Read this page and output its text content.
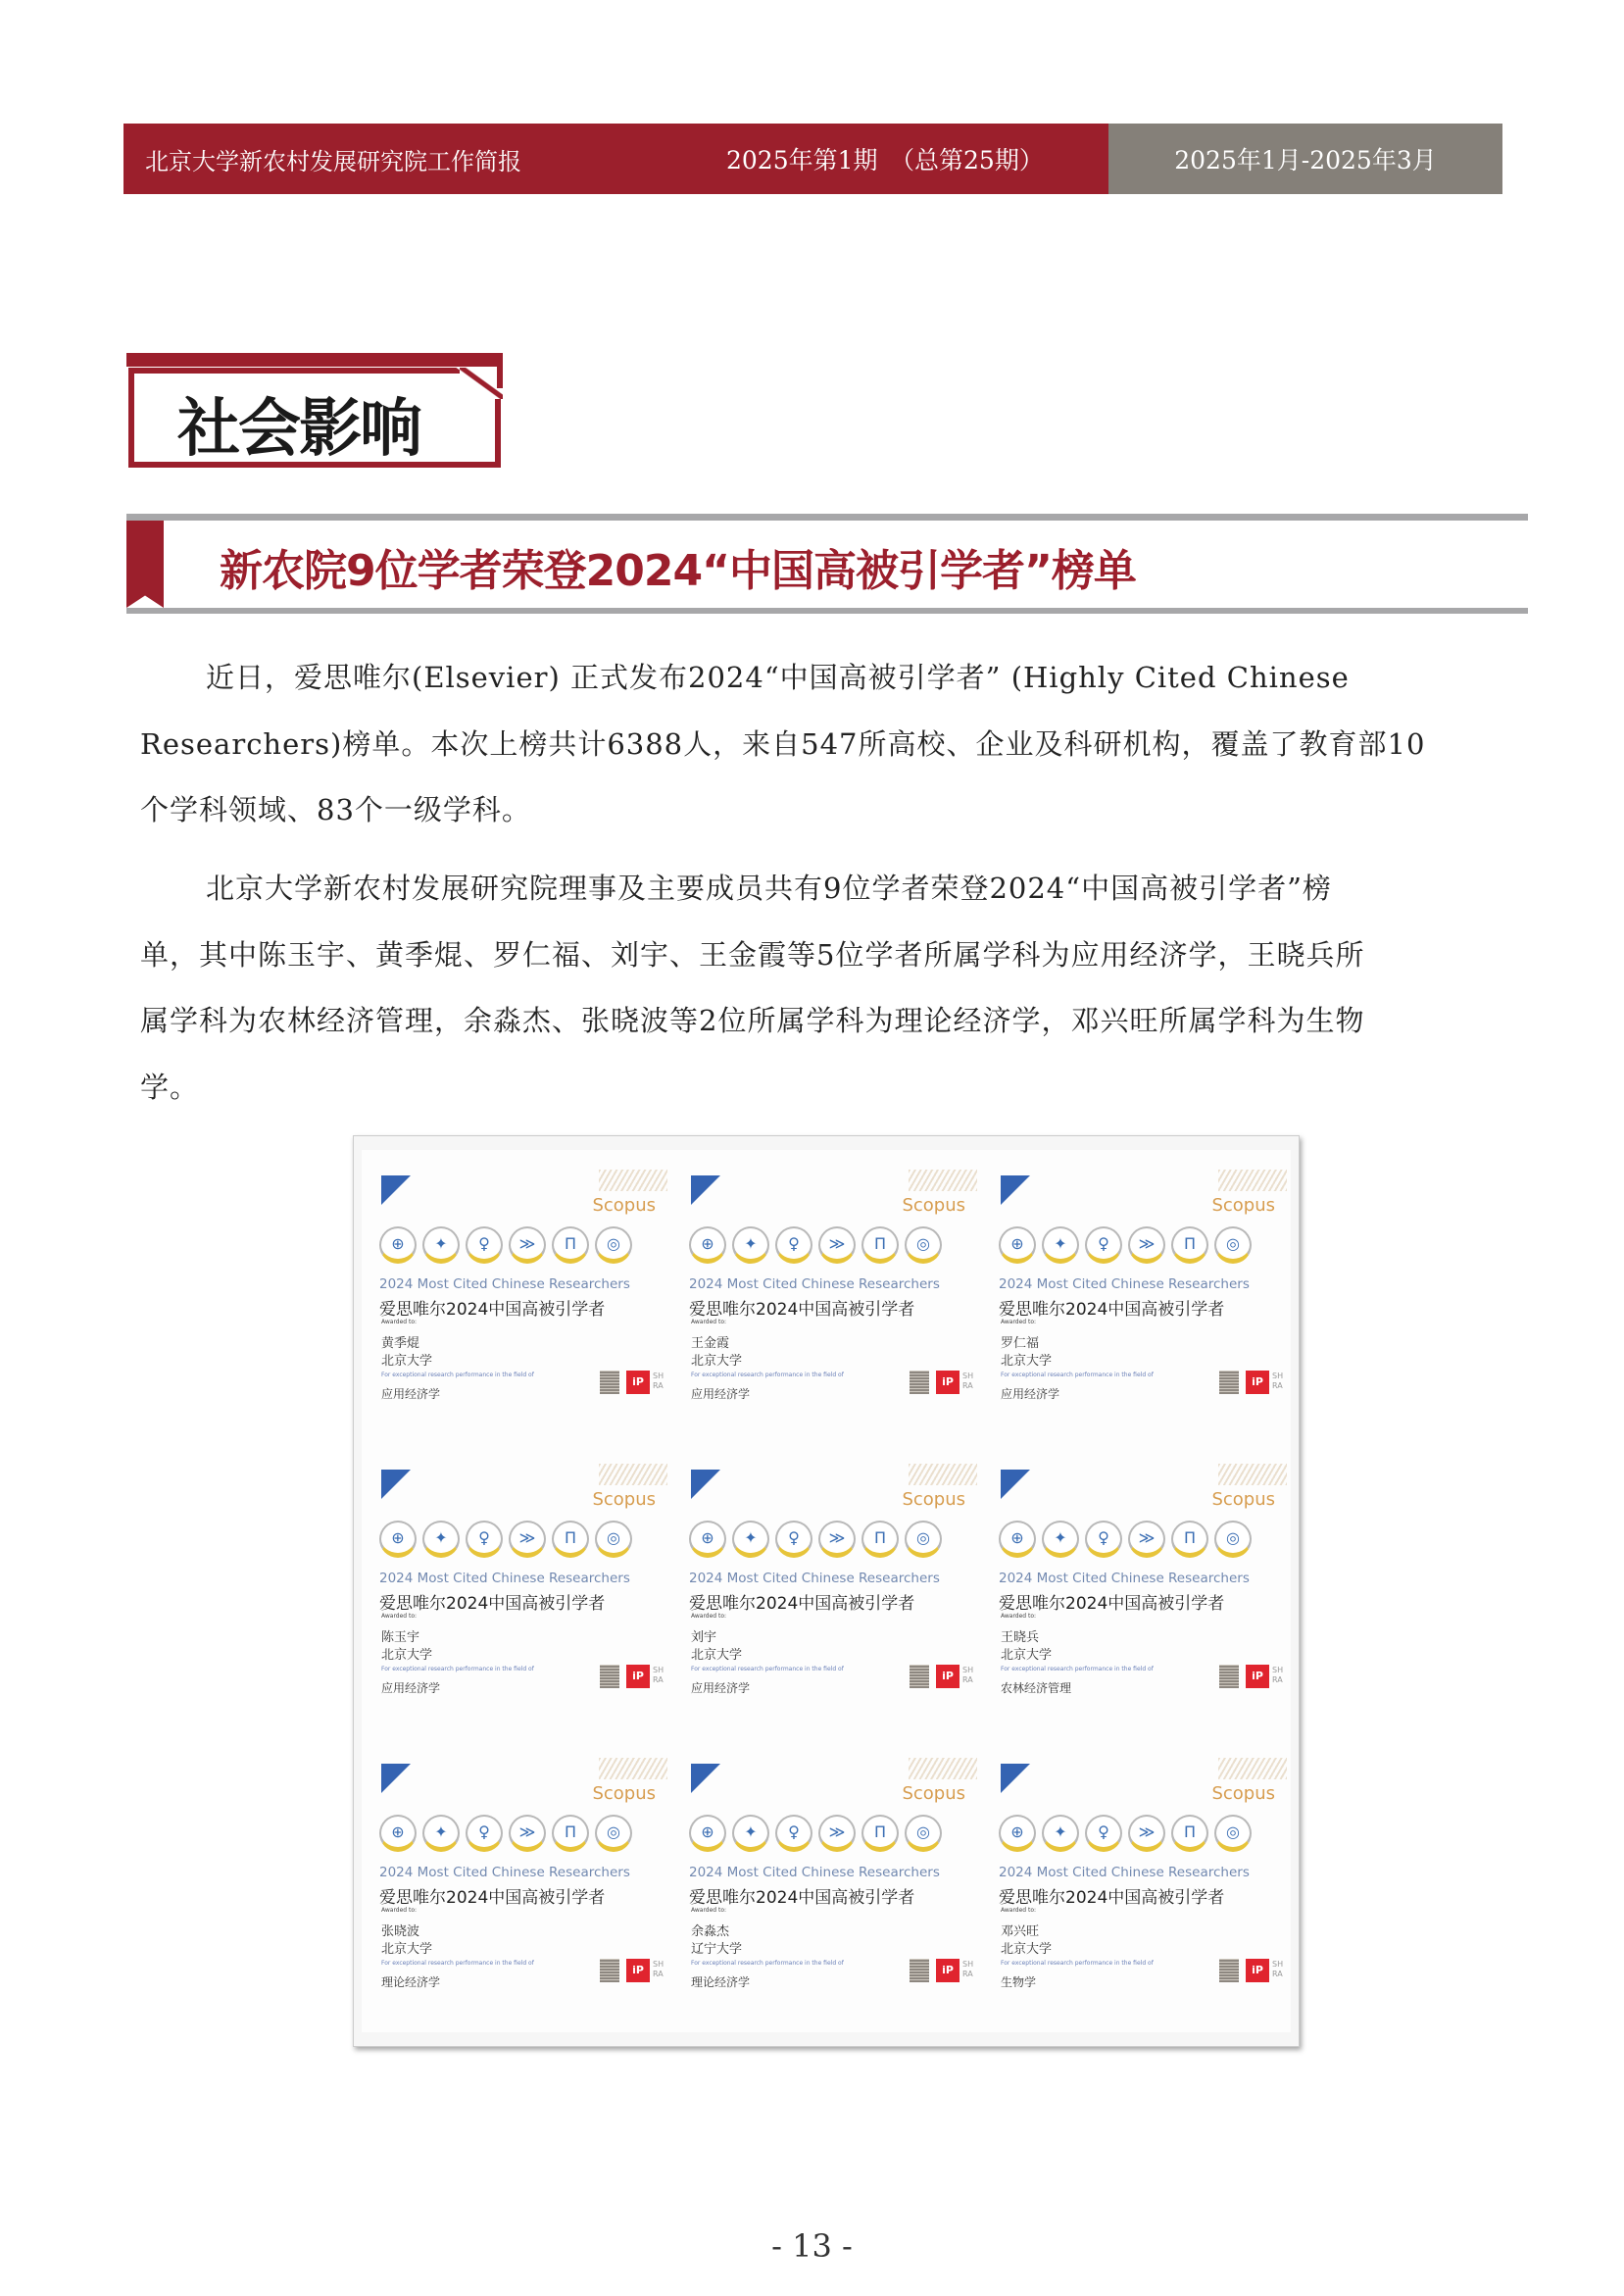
北京大学新农村发展研究院工作简报	2025年第1期　（总第25期）	2025年1月-2025年3月
社会影响
新农院9位学者荣登2024“中国高被引学者”榜单
近日，爱思唯尔(Elsevier) 正式发布2024“中国高被引学者” (Highly Cited Chinese
Researchers)榜单。本次上榜共计6388人，来自547所高校、企业及科研机构，覆盖了教育部10
个学科领域、83个一级学科。
北京大学新农村发展研究院理事及主要成员共有9位学者荣登2024“中国高被引学者”榜
单，其中陈玉宇、黄季焜、罗仁福、刘宇、王金霞等5位学者所属学科为应用经济学，王晓兵所
属学科为农林经济管理，余淼杰、张晓波等2位所属学科为理论经济学，邓兴旺所属学科为生物
学。
Scopus
⊕	✦	♀	≫	Π	◎
2024 Most Cited Chinese Researchers
爱思唯尔2024中国高被引学者
Awarded to:
黄季焜
北京大学
For exceptional research performance in the field of
应用经济学
iP	SH
RA
Scopus
⊕	✦	♀	≫	Π	◎
2024 Most Cited Chinese Researchers
爱思唯尔2024中国高被引学者
Awarded to:
王金霞
北京大学
For exceptional research performance in the field of
应用经济学
iP	SH
RA
Scopus
⊕	✦	♀	≫	Π	◎
2024 Most Cited Chinese Researchers
爱思唯尔2024中国高被引学者
Awarded to:
罗仁福
北京大学
For exceptional research performance in the field of
应用经济学
iP	SH
RA
Scopus
⊕	✦	♀	≫	Π	◎
2024 Most Cited Chinese Researchers
爱思唯尔2024中国高被引学者
Awarded to:
陈玉宇
北京大学
For exceptional research performance in the field of
应用经济学
iP	SH
RA
Scopus
⊕	✦	♀	≫	Π	◎
2024 Most Cited Chinese Researchers
爱思唯尔2024中国高被引学者
Awarded to:
刘宇
北京大学
For exceptional research performance in the field of
应用经济学
iP	SH
RA
Scopus
⊕	✦	♀	≫	Π	◎
2024 Most Cited Chinese Researchers
爱思唯尔2024中国高被引学者
Awarded to:
王晓兵
北京大学
For exceptional research performance in the field of
农林经济管理
iP	SH
RA
Scopus
⊕	✦	♀	≫	Π	◎
2024 Most Cited Chinese Researchers
爱思唯尔2024中国高被引学者
Awarded to:
张晓波
北京大学
For exceptional research performance in the field of
理论经济学
iP	SH
RA
Scopus
⊕	✦	♀	≫	Π	◎
2024 Most Cited Chinese Researchers
爱思唯尔2024中国高被引学者
Awarded to:
余淼杰
辽宁大学
For exceptional research performance in the field of
理论经济学
iP	SH
RA
Scopus
⊕	✦	♀	≫	Π	◎
2024 Most Cited Chinese Researchers
爱思唯尔2024中国高被引学者
Awarded to:
邓兴旺
北京大学
For exceptional research performance in the field of
生物学
iP	SH
RA
- 13 -
